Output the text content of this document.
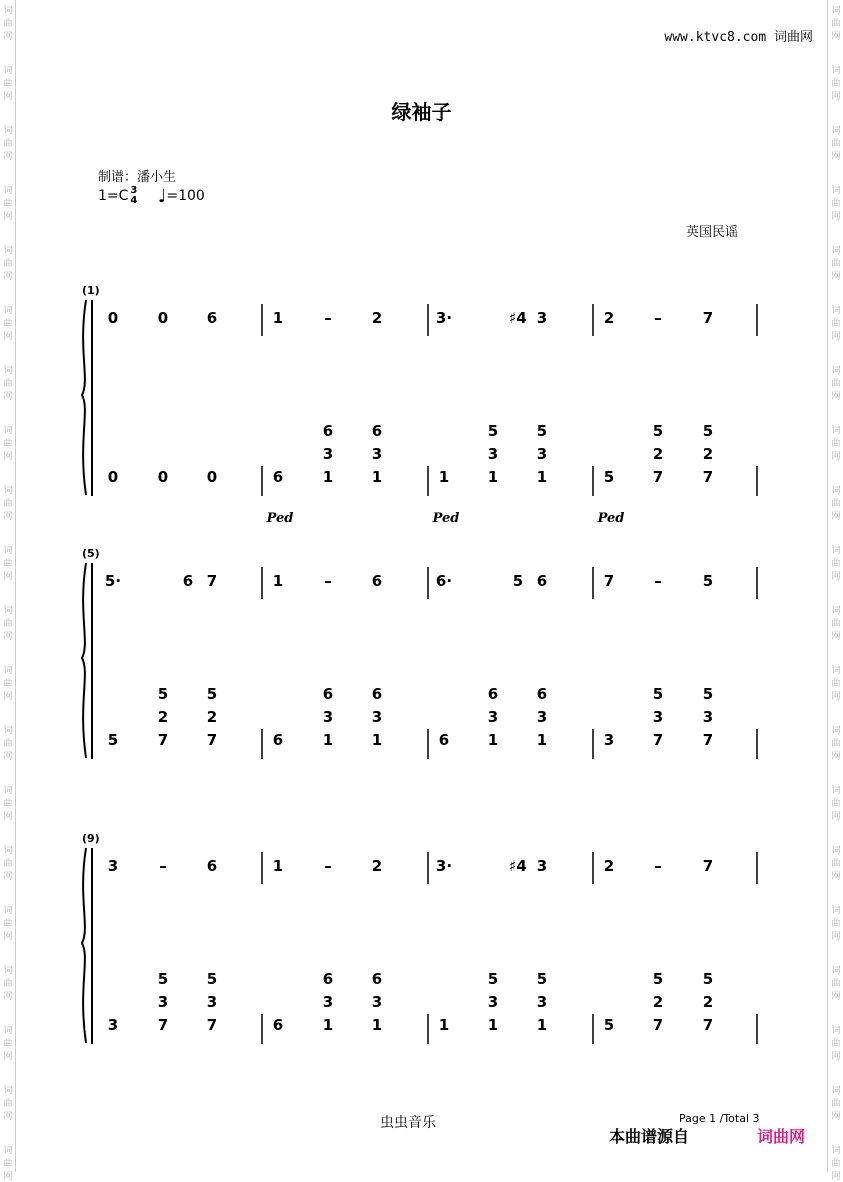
词
曲
网
词
曲
网
词
曲
网
词
曲
网
词
曲
网
词
曲
网
词
曲
网
词
曲
网
词
曲
网
词
曲
网
词
曲
网
词
曲
网
词
曲
网
词
曲
网
词
曲
网
词
曲
网
词
曲
网
词
曲
网
词
曲
网
词
曲
网
词
曲
网
词
曲
网
词
曲
网
词
曲
网
词
曲
网
词
曲
网
词
曲
网
词
曲
网
词
曲
网
词
曲
网
词
曲
网
词
曲
网
词
曲
网
词
曲
网
词
曲
网
词
曲
网
词
曲
网
词
曲
网
词
曲
网
词
曲
网
www.ktvc8.com 词曲网
绿袖子
制谱：潘小生
1=C 3
4 ♩=100
英国民谣
(1)
0	0	6	1	–	2	3·	♯4 3	2	–	7
0	0	0	6	1
3
6
1
3
6
1	1
3
5
1
3
5
5	7
2
5
7
2
5
Ped	Ped	Ped
(5)
5·	6 7	1	–	6	6·	5 6	7	–	5
5	7
2
5
7
2
5
6	1
3
6
1
3
6
6	1
3
6
1
3
6
3	7
3
5
7
3
5
(9)
3	–	6	1	–	2	3·	♯4 3	2	–	7
3	7
3
5
7
3
5
6	1
3
6
1
3
6
1	1
3
5
1
3
5
5	7
2
5
7
2
5
虫虫音乐	Page 1 /Total 3
本曲谱源自	词曲网
